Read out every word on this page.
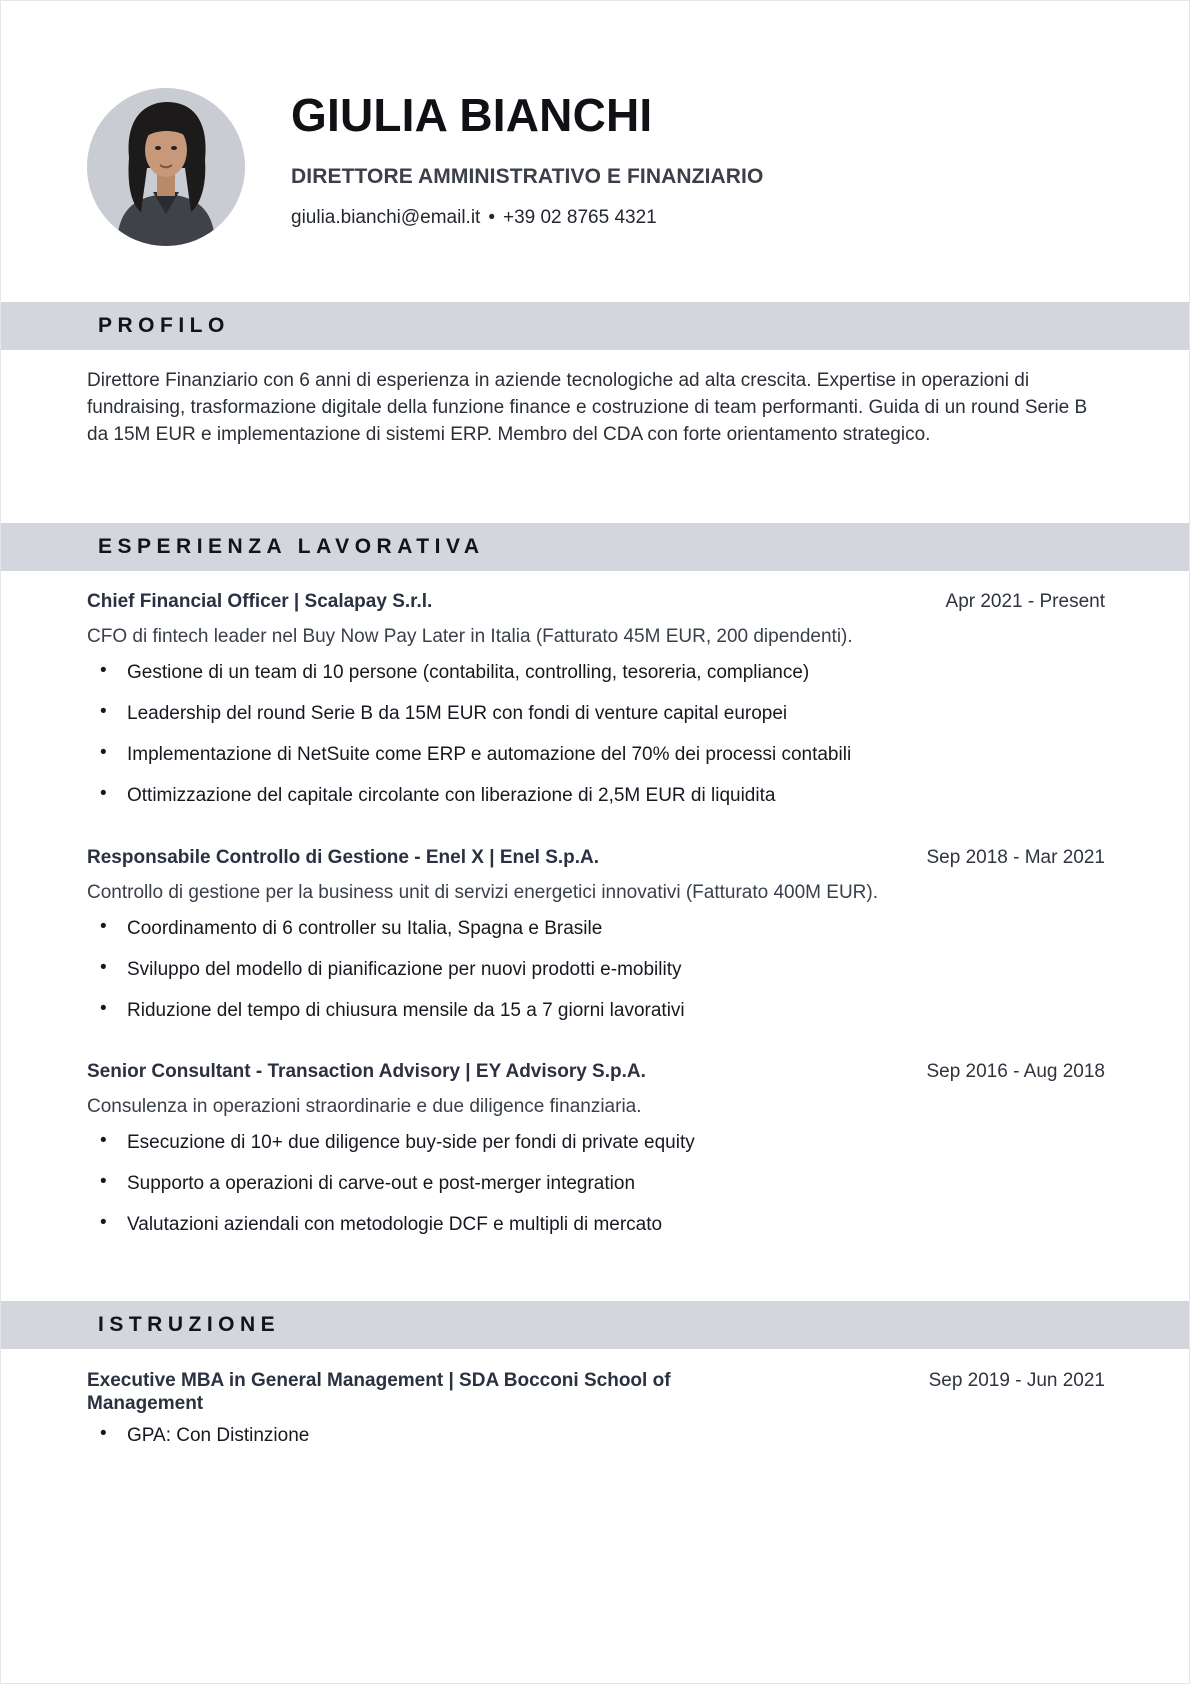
GIULIA BIANCHI
DIRETTORE AMMINISTRATIVO E FINANZIARIO
giulia.bianchi@email.it • +39 02 8765 4321
PROFILO

Direttore Finanziario con 6 anni di esperienza in aziende tecnologiche ad alta crescita. Expertise in operazioni di fundraising, trasformazione digitale della funzione finance e costruzione di team performanti. Guida di un round Serie B da 15M EUR e implementazione di sistemi ERP. Membro del CDA con forte orientamento strategico.

ESPERIENZA LAVORATIVA
Chief Financial Officer | Scalapay S.r.l.	Apr 2021 - Present
CFO di fintech leader nel Buy Now Pay Later in Italia (Fatturato 45M EUR, 200 dipendenti).
• Gestione di un team di 10 persone (contabilita, controlling, tesoreria, compliance)
• Leadership del round Serie B da 15M EUR con fondi di venture capital europei
• Implementazione di NetSuite come ERP e automazione del 70% dei processi contabili
• Ottimizzazione del capitale circolante con liberazione di 2,5M EUR di liquidita
Responsabile Controllo di Gestione - Enel X | Enel S.p.A.	Sep 2018 - Mar 2021
Controllo di gestione per la business unit di servizi energetici innovativi (Fatturato 400M EUR).
• Coordinamento di 6 controller su Italia, Spagna e Brasile
• Sviluppo del modello di pianificazione per nuovi prodotti e-mobility
• Riduzione del tempo di chiusura mensile da 15 a 7 giorni lavorativi
Senior Consultant - Transaction Advisory | EY Advisory S.p.A.	Sep 2016 - Aug 2018
Consulenza in operazioni straordinarie e due diligence finanziaria.
• Esecuzione di 10+ due diligence buy-side per fondi di private equity
• Supporto a operazioni di carve-out e post-merger integration
• Valutazioni aziendali con metodologie DCF e multipli di mercato
ISTRUZIONE
Executive MBA in General Management | SDA Bocconi School of Management
Sep 2019 - Jun 2021
• GPA: Con Distinzione
